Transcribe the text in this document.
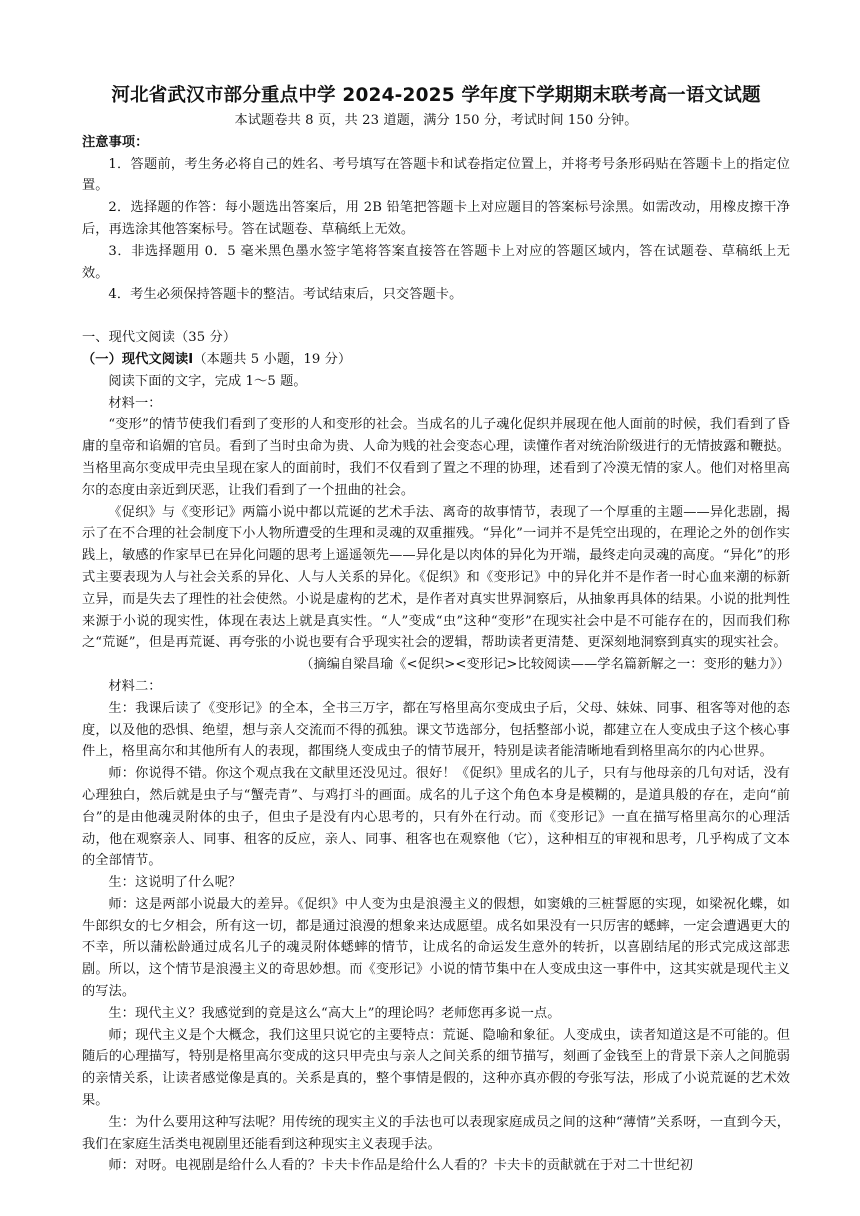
河北省武汉市部分重点中学 2024-2025 学年度下学期期末联考高一语文试题

本试题卷共 8 页，共 23 道题，满分 150 分，考试时间 150 分钟。

注意事项：

1．答题前，考生务必将自己的姓名、考号填写在答题卡和试卷指定位置上，并将考号条形码贴在答题卡上的指定位置。

2．选择题的作答：每小题选出答案后，用 2B 铅笔把答题卡上对应题目的答案标号涂黑。如需改动，用橡皮擦干净后，再选涂其他答案标号。答在试题卷、草稿纸上无效。

3．非选择题用 0．5 毫米黑色墨水签字笔将答案直接答在答题卡上对应的答题区域内，答在试题卷、草稿纸上无效。

4．考生必须保持答题卡的整洁。考试结束后，只交答题卡。

一、现代文阅读（35 分）

（一）现代文阅读Ⅰ（本题共 5 小题，19 分）

阅读下面的文字，完成 1～5 题。

材料一：

“变形”的情节使我们看到了变形的人和变形的社会。当成名的儿子魂化促织并展现在他人面前的时候，我们看到了昏庸的皇帝和谄媚的官员。看到了当时虫命为贵、人命为贱的社会变态心理，读懂作者对统治阶级进行的无情披露和鞭挞。当格里高尔变成甲壳虫呈现在家人的面前时，我们不仅看到了置之不理的协理，述看到了冷漠无情的家人。他们对格里高尔的态度由亲近到厌恶，让我们看到了一个扭曲的社会。

《促织》与《变形记》两篇小说中都以荒诞的艺术手法、离奇的故事情节，表现了一个厚重的主题——异化悲剧，揭示了在不合理的社会制度下小人物所遭受的生理和灵魂的双重摧残。“异化”一词并不是凭空出现的，在理论之外的创作实践上，敏感的作家早已在异化问题的思考上遥遥领先——异化是以肉体的异化为开端，最终走向灵魂的高度。“异化”的形式主要表现为人与社会关系的异化、人与人关系的异化。《促织》和《变形记》中的异化并不是作者一时心血来潮的标新立异，而是失去了理性的社会使然。小说是虚构的艺术，是作者对真实世界洞察后，从抽象再具体的结果。小说的批判性来源于小说的现实性，体现在表达上就是真实性。“人”变成“虫”这种“变形”在现实社会中是不可能存在的，因而我们称之“荒诞”，但是再荒诞、再夸张的小说也要有合乎现实社会的逻辑，帮助读者更清楚、更深刻地洞察到真实的现实社会。

（摘编自梁昌瑜《<促织><变形记>比较阅读——学名篇新解之一：变形的魅力》）

材料二：

生：我课后读了《变形记》的全本，全书三万字，都在写格里高尔变成虫子后，父母、妹妹、同事、租客等对他的态度，以及他的恐惧、绝望，想与亲人交流而不得的孤独。课文节选部分，包括整部小说，都建立在人变成虫子这个核心事件上，格里高尔和其他所有人的表现，都围绕人变成虫子的情节展开，特别是读者能清晰地看到格里高尔的内心世界。

师：你说得不错。你这个观点我在文献里还没见过。很好！《促织》里成名的儿子，只有与他母亲的几句对话，没有心理独白，然后就是虫子与“蟹壳青”、与鸡打斗的画面。成名的儿子这个角色本身是模糊的，是道具般的存在，走向“前台”的是由他魂灵附体的虫子，但虫子是没有内心思考的，只有外在行动。而《变形记》一直在描写格里高尔的心理活动，他在观察亲人、同事、租客的反应，亲人、同事、租客也在观察他（它），这种相互的审视和思考，几乎构成了文本的全部情节。

生：这说明了什么呢？

师：这是两部小说最大的差异。《促织》中人变为虫是浪漫主义的假想，如窦娥的三桩誓愿的实现，如梁祝化蝶，如牛郎织女的七夕相会，所有这一切，都是通过浪漫的想象来达成愿望。成名如果没有一只厉害的蟋蟀，一定会遭遇更大的不幸，所以蒲松龄通过成名儿子的魂灵附体蟋蟀的情节，让成名的命运发生意外的转折，以喜剧结尾的形式完成这部悲剧。所以，这个情节是浪漫主义的奇思妙想。而《变形记》小说的情节集中在人变成虫这一事件中，这其实就是现代主义的写法。

生：现代主义？我感觉到的竟是这么“高大上”的理论吗？老师您再多说一点。

师；现代主义是个大概念，我们这里只说它的主要特点：荒诞、隐喻和象征。人变成虫，读者知道这是不可能的。但随后的心理描写，特别是格里高尔变成的这只甲壳虫与亲人之间关系的细节描写，刻画了金钱至上的背景下亲人之间脆弱的亲情关系，让读者感觉像是真的。关系是真的，整个事情是假的，这种亦真亦假的夸张写法，形成了小说荒诞的艺术效果。

生：为什么要用这种写法呢？用传统的现实主义的手法也可以表现家庭成员之间的这种“薄情”关系呀，一直到今天，我们在家庭生活类电视剧里还能看到这种现实主义表现手法。

师：对呀。电视剧是给什么人看的？卡夫卡作品是给什么人看的？卡夫卡的贡献就在于对二十世纪初
